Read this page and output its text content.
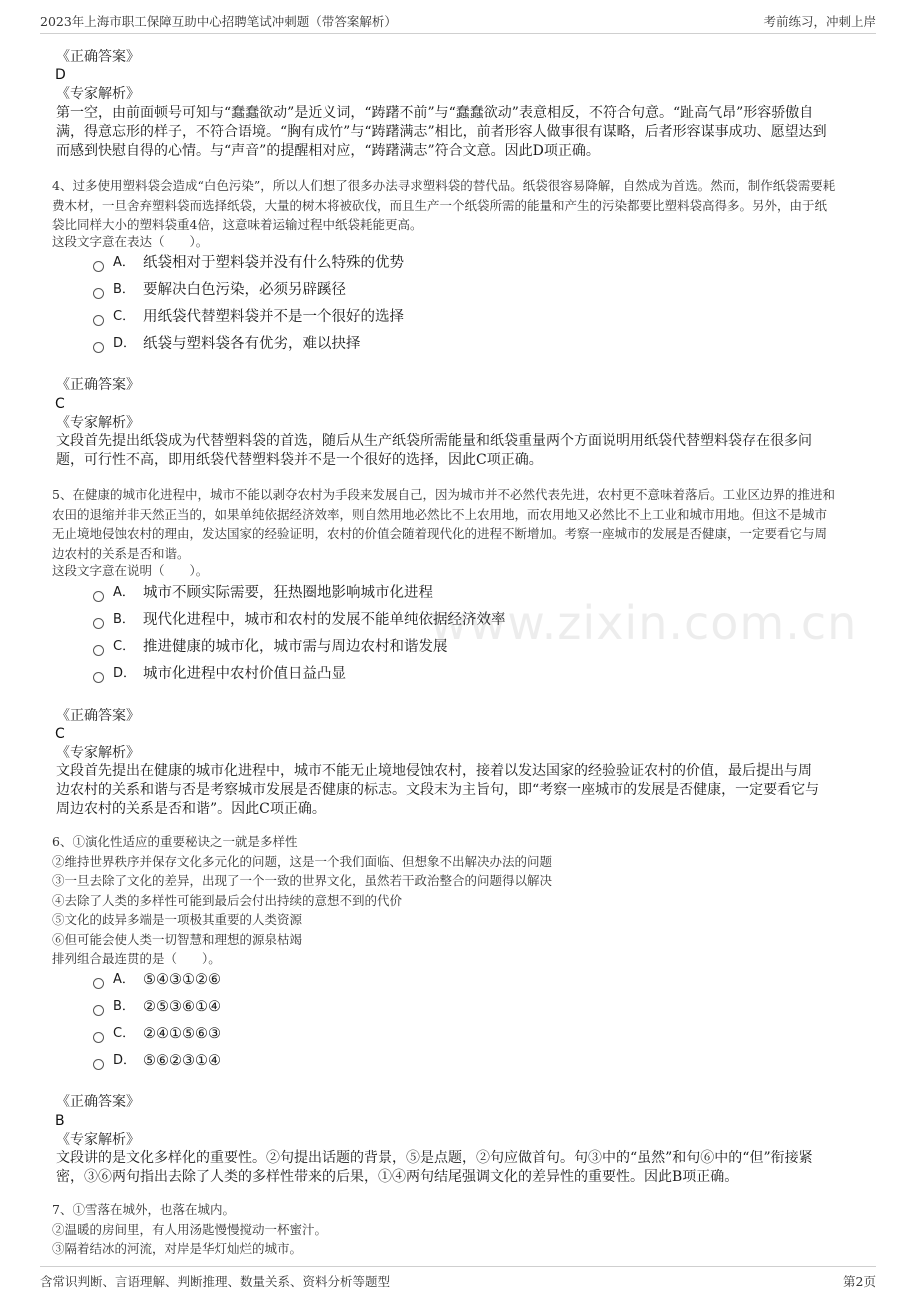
2023年上海市职工保障互助中心招聘笔试冲刺题（带答案解析）	考前练习，冲刺上岸
www.zixin.com.cn
《正确答案》
D
《专家解析》
第一空，由前面顿号可知与“蠢蠢欲动”是近义词，“踌躇不前”与“蠢蠢欲动”表意相反，不符合句意。“趾高气昂”形容骄傲自
满，得意忘形的样子，不符合语境。“胸有成竹”与“踌躇满志”相比，前者形容人做事很有谋略，后者形容谋事成功、愿望达到
而感到快慰自得的心情。与“声音”的提醒相对应，“踌躇满志”符合文意。因此D项正确。

4、过多使用塑料袋会造成“白色污染”，所以人们想了很多办法寻求塑料袋的替代品。纸袋很容易降解，自然成为首选。然而，制作纸袋需要耗

费木材，一旦舍弃塑料袋而选择纸袋，大量的树木将被砍伐，而且生产一个纸袋所需的能量和产生的污染都要比塑料袋高得多。另外，由于纸

袋比同样大小的塑料袋重4倍，这意味着运输过程中纸袋耗能更高。

这段文字意在表达（　　）。
A． 纸袋相对于塑料袋并没有什么特殊的优势
B． 要解决白色污染，必须另辟蹊径
C． 用纸袋代替塑料袋并不是一个很好的选择
D． 纸袋与塑料袋各有优劣，难以抉择
《正确答案》
C
《专家解析》
文段首先提出纸袋成为代替塑料袋的首选，随后从生产纸袋所需能量和纸袋重量两个方面说明用纸袋代替塑料袋存在很多问
题，可行性不高，即用纸袋代替塑料袋并不是一个很好的选择，因此C项正确。

5、在健康的城市化进程中，城市不能以剥夺农村为手段来发展自己，因为城市并不必然代表先进，农村更不意味着落后。工业区边界的推进和

农田的退缩并非天然正当的，如果单纯依据经济效率，则自然用地必然比不上农用地，而农用地又必然比不上工业和城市用地。但这不是城市

无止境地侵蚀农村的理由，发达国家的经验证明，农村的价值会随着现代化的进程不断增加。考察一座城市的发展是否健康，一定要看它与周

边农村的关系是否和谐。

这段文字意在说明（　　）。
A． 城市不顾实际需要，狂热圈地影响城市化进程
B． 现代化进程中，城市和农村的发展不能单纯依据经济效率
C． 推进健康的城市化，城市需与周边农村和谐发展
D． 城市化进程中农村价值日益凸显
《正确答案》
C
《专家解析》
文段首先提出在健康的城市化进程中，城市不能无止境地侵蚀农村，接着以发达国家的经验验证农村的价值，最后提出与周
边农村的关系和谐与否是考察城市发展是否健康的标志。文段末为主旨句，即“考察一座城市的发展是否健康，一定要看它与
周边农村的关系是否和谐”。因此C项正确。

6、①演化性适应的重要秘诀之一就是多样性

②维持世界秩序并保存文化多元化的问题，这是一个我们面临、但想象不出解决办法的问题

③一旦去除了文化的差异，出现了一个一致的世界文化，虽然若干政治整合的问题得以解决

④去除了人类的多样性可能到最后会付出持续的意想不到的代价

⑤文化的歧异多端是一项极其重要的人类资源

⑥但可能会使人类一切智慧和理想的源泉枯竭

排列组合最连贯的是（　　）。
A． ⑤④③①②⑥
B． ②⑤③⑥①④
C． ②④①⑤⑥③
D． ⑤⑥②③①④
《正确答案》
B
《专家解析》
文段讲的是文化多样化的重要性。②句提出话题的背景，⑤是点题，②句应做首句。句③中的“虽然”和句⑥中的“但”衔接紧
密，③⑥两句指出去除了人类的多样性带来的后果，①④两句结尾强调文化的差异性的重要性。因此B项正确。

7、①雪落在城外，也落在城内。

②温暖的房间里，有人用汤匙慢慢搅动一杯蜜汁。

③隔着结冰的河流，对岸是华灯灿烂的城市。

含常识判断、言语理解、判断推理、数量关系、资料分析等题型	第2页
